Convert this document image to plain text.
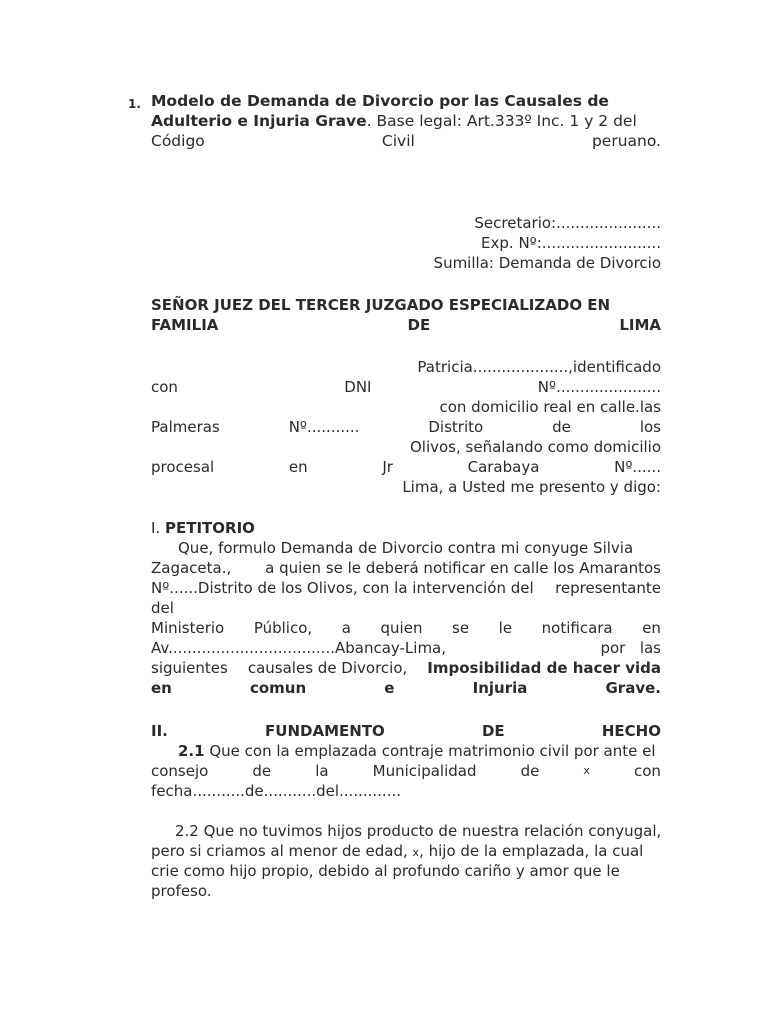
1. Modelo de Demanda de Divorcio por las Causales de
Adulterio e Injuria Grave. Base legal: Art.333º Inc. 1 y 2 del
Código	Civil	peruano.
Secretario:......................
Exp. Nº:.........................
Sumilla: Demanda de Divorcio
SEÑOR JUEZ DEL TERCER JUZGADO ESPECIALIZADO EN
FAMILIA	DE	LIMA
Patricia....................,identificado
con	DNI	Nº......................
con domicilio real en calle.las
Palmeras	Nº...........	Distrito	de	los
Olivos, señalando como domicilio
procesal	en	Jr	Carabaya	Nº......
Lima, a Usted me presento y digo:
I. PETITORIO
Que, formulo Demanda de Divorcio contra mi conyuge Silvia
Zagaceta., a quien se le deberá notificar en calle los Amarantos
Nº......Distrito de los Olivos, con la intervención del representante
del
Ministerio Público, a quien se le notificara en
Av...................................Abancay-Lima,	por las
siguientes causales de Divorcio, Imposibilidad de hacer vida
en	comun	e	Injuria	Grave.
II.	FUNDAMENTO	DE	HECHO
2.1 Que con la emplazada contraje matrimonio civil por ante el
consejo	de	la	Municipalidad	de	x	con
fecha...........de...........del.............
2.2 Que no tuvimos hijos producto de nuestra relación conyugal,
pero si criamos al menor de edad, x, hijo de la emplazada, la cual
crie como hijo propio, debido al profundo cariño y amor que le
profeso.
